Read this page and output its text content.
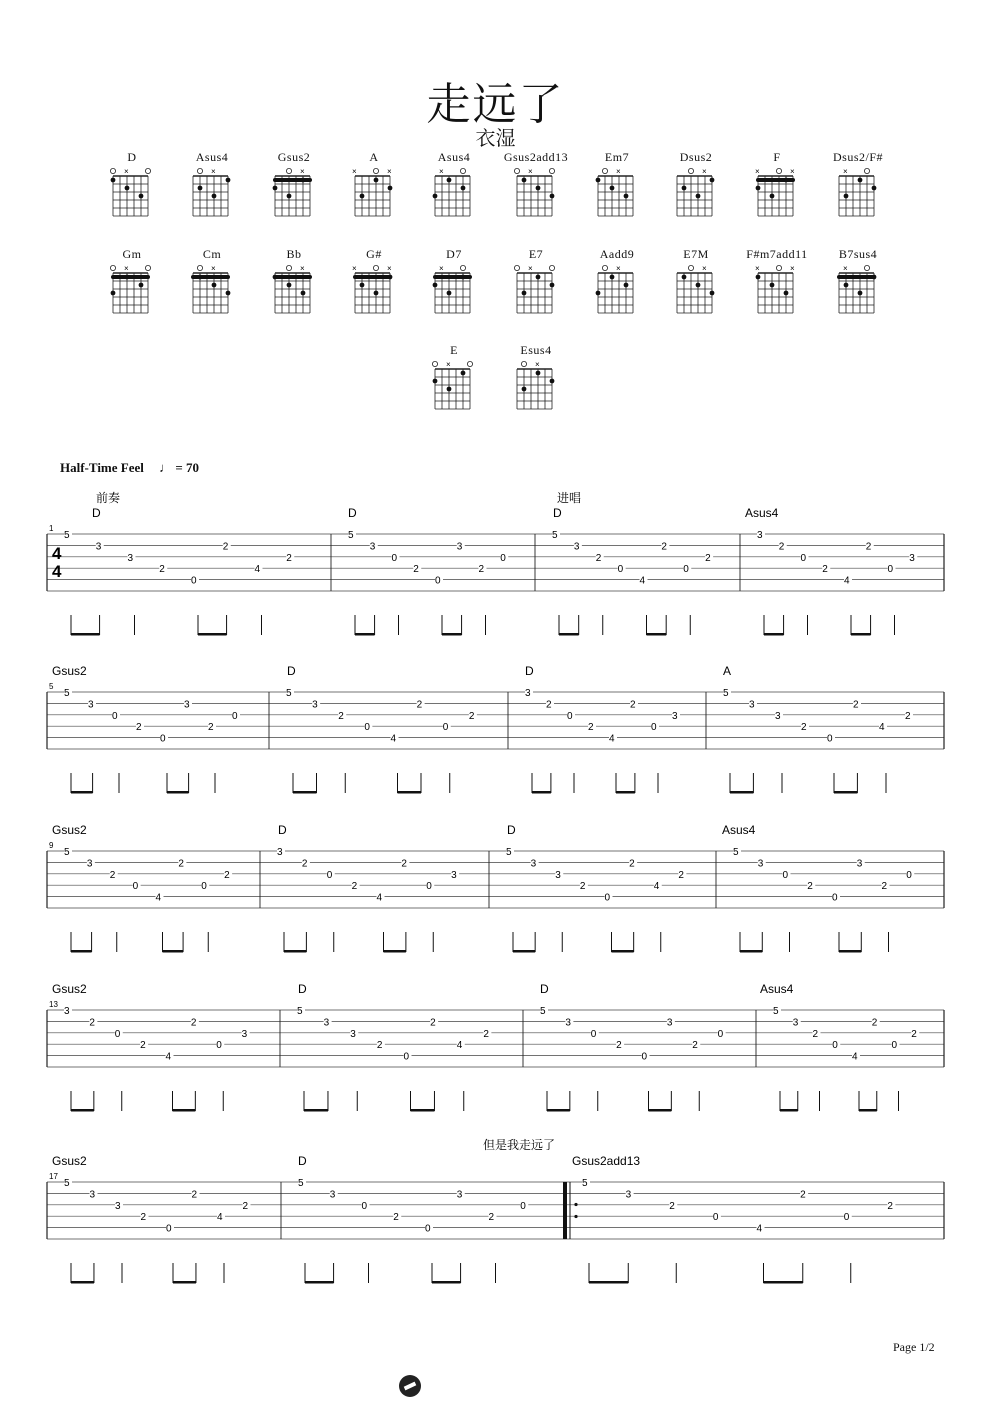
走远了
衣湿
D
×
Asus4
×
Gsus2
×
A
×	×
Asus4
×
Gsus2add13
×
Em7
×
Dsus2
×
F
×	×
Dsus2/F#
×
Gm
×
Cm
×
Bb
×
G#
×	×
D7
×
E7
×
Aadd9
×
E7M
×
F#m7add11
×	×
B7sus4
×
E
×
Esus4
×
Half-Time Feel ♩ = 70
前奏	进唱
但是我走远了
D	D	D	Asus4
1
4
4
5
3
3
2
0
2
4
2
5
3
0
2
0
3
2
0
5
3
2
0
4
2
0
2
3
2
0
2
4
2
0
3
Gsus2	D	D	A
5
5
3
0
2
0
3
2
0
5
3
2
0
4
2
0
2
3
2
0
2
4
2
0
3
5
3
3
2
0
2
4
2
Gsus2	D	D	Asus4
9
5
3
2
0
4
2
0
2
3
2
0
2
4
2
0
3
5
3
3
2
0
2
4
2
5
3
0
2
0
3
2
0
Gsus2	D	D	Asus4
13
3
2
0
2
4
2
0
3
5
3
3
2
0
2
4
2
5
3
0
2
0
3
2
0
5
3
2
0
4
2
0
2
Gsus2	D	Gsus2add13
17
5
3
3
2
0
2
4
2
5
3
0
2
0
3
2
0
5
3
2
0
4
2
0
2
Page 1/2
